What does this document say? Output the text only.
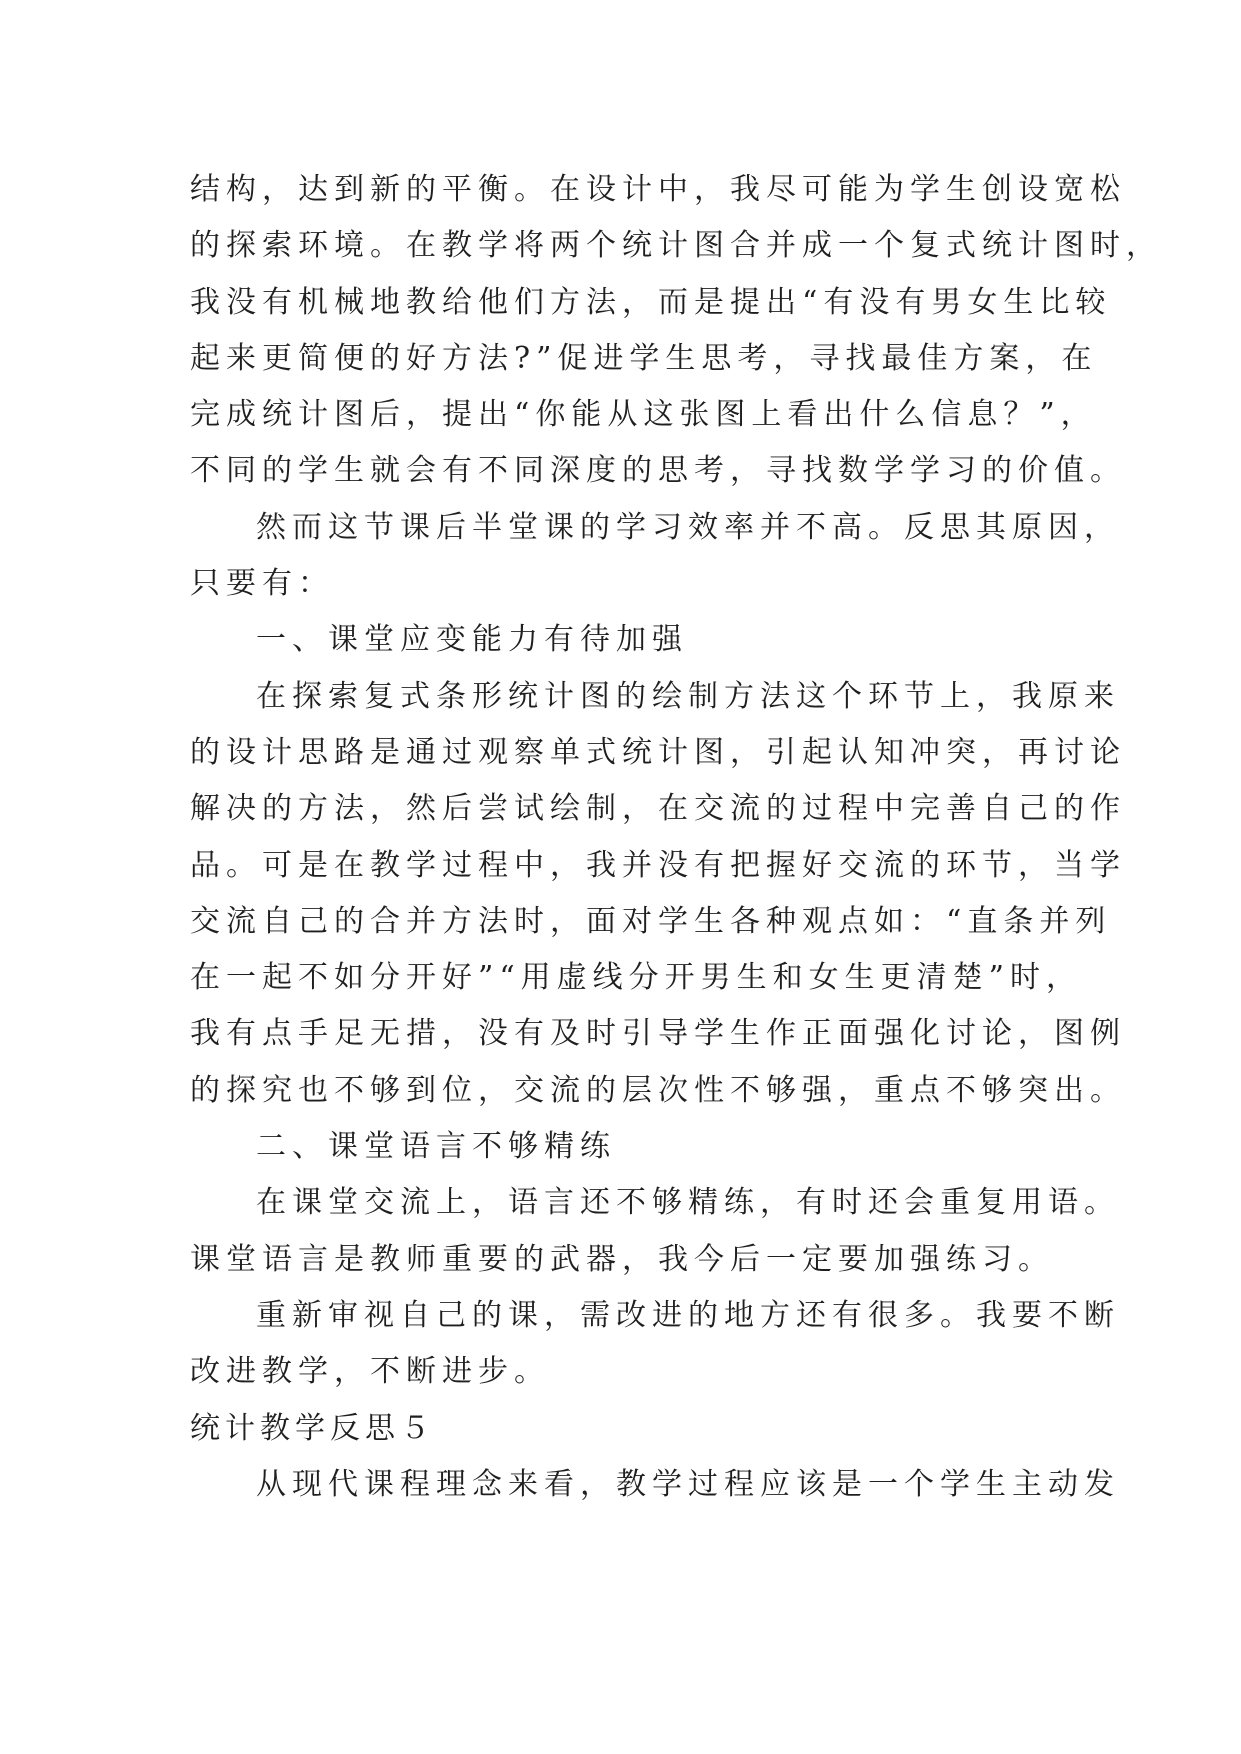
结构，达到新的平衡。在设计中，我尽可能为学生创设宽松
的探索环境。在教学将两个统计图合并成一个复式统计图时，
我没有机械地教给他们方法，而是提出“有没有男女生比较
起来更简便的好方法?”促进学生思考，寻找最佳方案，在
完成统计图后，提出“你能从这张图上看出什么信息？”，
不同的学生就会有不同深度的思考，寻找数学学习的价值。
然而这节课后半堂课的学习效率并不高。反思其原因，
只要有：
一、课堂应变能力有待加强
在探索复式条形统计图的绘制方法这个环节上，我原来
的设计思路是通过观察单式统计图，引起认知冲突，再讨论
解决的方法，然后尝试绘制，在交流的过程中完善自己的作
品。可是在教学过程中，我并没有把握好交流的环节，当学
交流自己的合并方法时，面对学生各种观点如：“直条并列
在一起不如分开好”“用虚线分开男生和女生更清楚”时，
我有点手足无措，没有及时引导学生作正面强化讨论，图例
的探究也不够到位，交流的层次性不够强，重点不够突出。
二、课堂语言不够精练
在课堂交流上，语言还不够精练，有时还会重复用语。
课堂语言是教师重要的武器，我今后一定要加强练习。
重新审视自己的课，需改进的地方还有很多。我要不断
改进教学，不断进步。
统计教学反思５
从现代课程理念来看，教学过程应该是一个学生主动发
